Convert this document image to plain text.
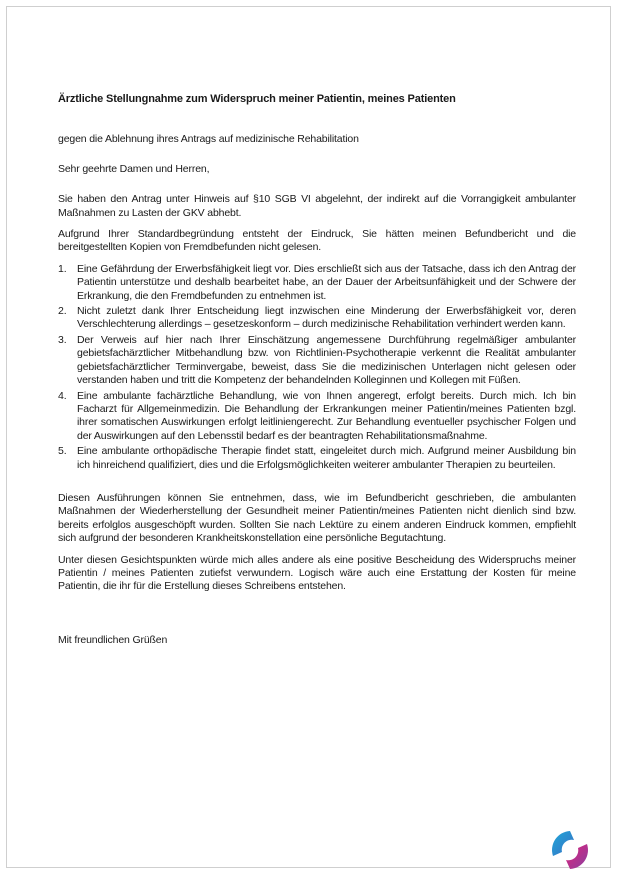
Ärztliche Stellungnahme zum Widerspruch meiner Patientin, meines Patienten
gegen die Ablehnung ihres Antrags auf medizinische Rehabilitation
Sehr geehrte Damen und Herren,

Sie haben den Antrag unter Hinweis auf §10 SGB VI abgelehnt, der indirekt auf die Vorrangigkeit ambulanter Maßnahmen zu Lasten der GKV abhebt.

Aufgrund Ihrer Standardbegründung entsteht der Eindruck, Sie hätten meinen Befundbericht und die bereitgestellten Kopien von Fremdbefunden nicht gelesen.

1. Eine Gefährdung der Erwerbsfähigkeit liegt vor. Dies erschließt sich aus der Tatsache, dass ich den Antrag der Patientin unterstütze und deshalb bearbeitet habe, an der Dauer der Arbeitsunfähigkeit und der Schwere der Erkrankung, die den Fremdbefunden zu entnehmen ist.
2. Nicht zuletzt dank Ihrer Entscheidung liegt inzwischen eine Minderung der Erwerbsfähigkeit vor, deren Verschlechterung allerdings – gesetzeskonform – durch medizinische Rehabilitation verhindert werden kann.
3. Der Verweis auf hier nach Ihrer Einschätzung angemessene Durchführung regelmäßiger ambulanter gebietsfachärztlicher Mitbehandlung bzw. von Richtlinien-Psychotherapie verkennt die Realität ambulanter gebietsfachärztlicher Terminvergabe, beweist, dass Sie die medizinischen Unterlagen nicht gelesen oder verstanden haben und tritt die Kompetenz der behandelnden Kolleginnen und Kollegen mit Füßen.
4. Eine ambulante fachärztliche Behandlung, wie von Ihnen angeregt, erfolgt bereits. Durch mich. Ich bin Facharzt für Allgemeinmedizin. Die Behandlung der Erkrankungen meiner Patientin/meines Patienten bzgl. ihrer somatischen Auswirkungen erfolgt leitliniengerecht. Zur Behandlung eventueller psychischer Folgen und der Auswirkungen auf den Lebensstil bedarf es der beantragten Rehabilitationsmaßnahme.
5. Eine ambulante orthopädische Therapie findet statt, eingeleitet durch mich. Aufgrund meiner Ausbildung bin ich hinreichend qualifiziert, dies und die Erfolgsmöglichkeiten weiterer ambulanter Therapien zu beurteilen.

Diesen Ausführungen können Sie entnehmen, dass, wie im Befundbericht geschrieben, die ambulanten Maßnahmen der Wiederherstellung der Gesundheit meiner Patientin/meines Patienten nicht dienlich sind bzw. bereits erfolglos ausgeschöpft wurden. Sollten Sie nach Lektüre zu einem anderen Eindruck kommen, empfiehlt sich aufgrund der besonderen Krankheitskonstellation eine persönliche Begutachtung.

Unter diesen Gesichtspunkten würde mich alles andere als eine positive Bescheidung des Widerspruchs meiner Patientin / meines Patienten zutiefst verwundern. Logisch wäre auch eine Erstattung der Kosten für meine Patientin, die ihr für die Erstellung dieses Schreibens entstehen.

Mit freundlichen Grüßen
